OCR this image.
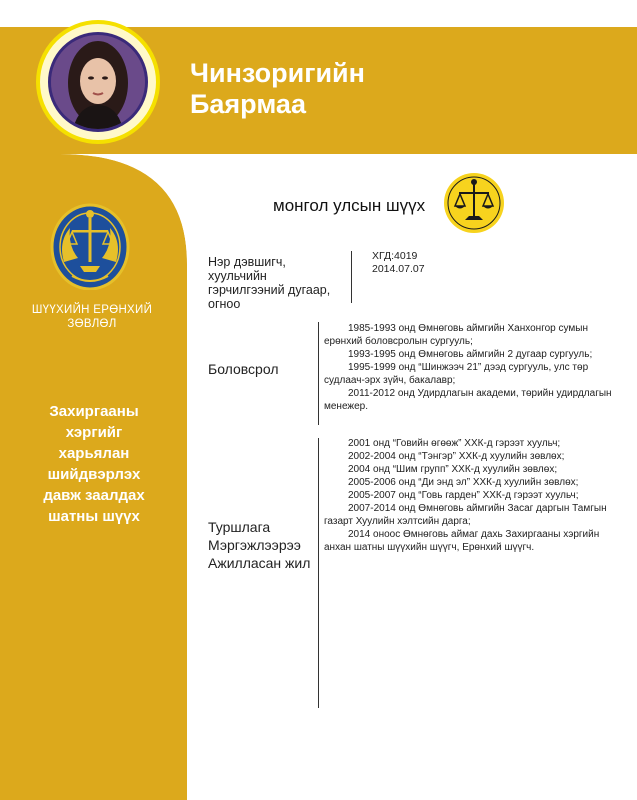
Чинзоригийн
Баярмаа
ШҮҮХИЙН ЕРӨНХИЙ
ЗӨВЛӨЛ
Захиргааны хэргийг харьялан шийдвэрлэх давж заалдах шатны шүүх
монгол улсын шүүх
Нэр дэвшигч,
хуульчийн
гэрчилгээний дугаар,
огноо
ХГД:4019
2014.07.07
Боловсрол

1985-1993 онд Өмнөговь аймгийн Ханхонгор сумын ерөнхий боловсролын сургууль;

1993-1995 онд Өмнөговь аймгийн 2 дугаар сургууль;

1995-1999 онд “Шинжээч 21” дээд сургууль, улс төр судлаач-эрх зүйч, бакалавр;

2011-2012 онд Удирдлагын академи, төрийн удирдлагын менежер.

Туршлага
Мэргэжлээрээ
Ажилласан жил

2001 онд “Говийн өгөөж” ХХК-д гэрээт хуульч;

2002-2004 онд “Тэнгэр” ХХК-д хуулийн зөвлөх;

2004 онд “Шим групп” ХХК-д хуулийн зөвлөх;

2005-2006 онд “Ди энд эл” ХХК-д хуулийн зөвлөх;

2005-2007 онд “Говь гарден” ХХК-д гэрээт хуульч;

2007-2014 онд Өмнөговь аймгийн Засаг даргын Тамгын газарт Хуулийн хэлтсийн дарга;

2014 оноос Өмнөговь аймаг дахь Захиргааны хэргийн анхан шатны шүүхийн шүүгч, Ерөнхий шүүгч.
